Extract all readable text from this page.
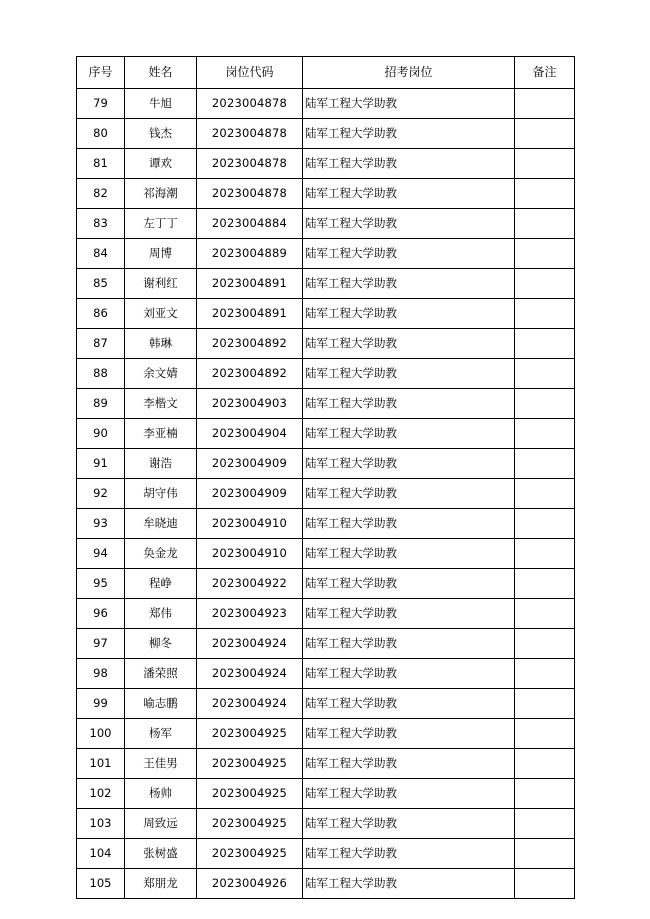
序号	姓名	岗位代码	招考岗位	备注
79	牛旭	2023004878	陆军工程大学助教	
80	钱杰	2023004878	陆军工程大学助教	
81	谭欢	2023004878	陆军工程大学助教	
82	祁海潮	2023004878	陆军工程大学助教	
83	左丁丁	2023004884	陆军工程大学助教	
84	周博	2023004889	陆军工程大学助教	
85	谢利红	2023004891	陆军工程大学助教	
86	刘亚文	2023004891	陆军工程大学助教	
87	韩琳	2023004892	陆军工程大学助教	
88	余文婧	2023004892	陆军工程大学助教	
89	李楷文	2023004903	陆军工程大学助教	
90	李亚楠	2023004904	陆军工程大学助教	
91	谢浩	2023004909	陆军工程大学助教	
92	胡守伟	2023004909	陆军工程大学助教	
93	牟晓迪	2023004910	陆军工程大学助教	
94	奂金龙	2023004910	陆军工程大学助教	
95	程峥	2023004922	陆军工程大学助教	
96	郑伟	2023004923	陆军工程大学助教	
97	柳冬	2023004924	陆军工程大学助教	
98	潘荣照	2023004924	陆军工程大学助教	
99	喻志鹏	2023004924	陆军工程大学助教	
100	杨军	2023004925	陆军工程大学助教	
101	王佳男	2023004925	陆军工程大学助教	
102	杨帅	2023004925	陆军工程大学助教	
103	周致远	2023004925	陆军工程大学助教	
104	张树盛	2023004925	陆军工程大学助教	
105	郑朋龙	2023004926	陆军工程大学助教	
